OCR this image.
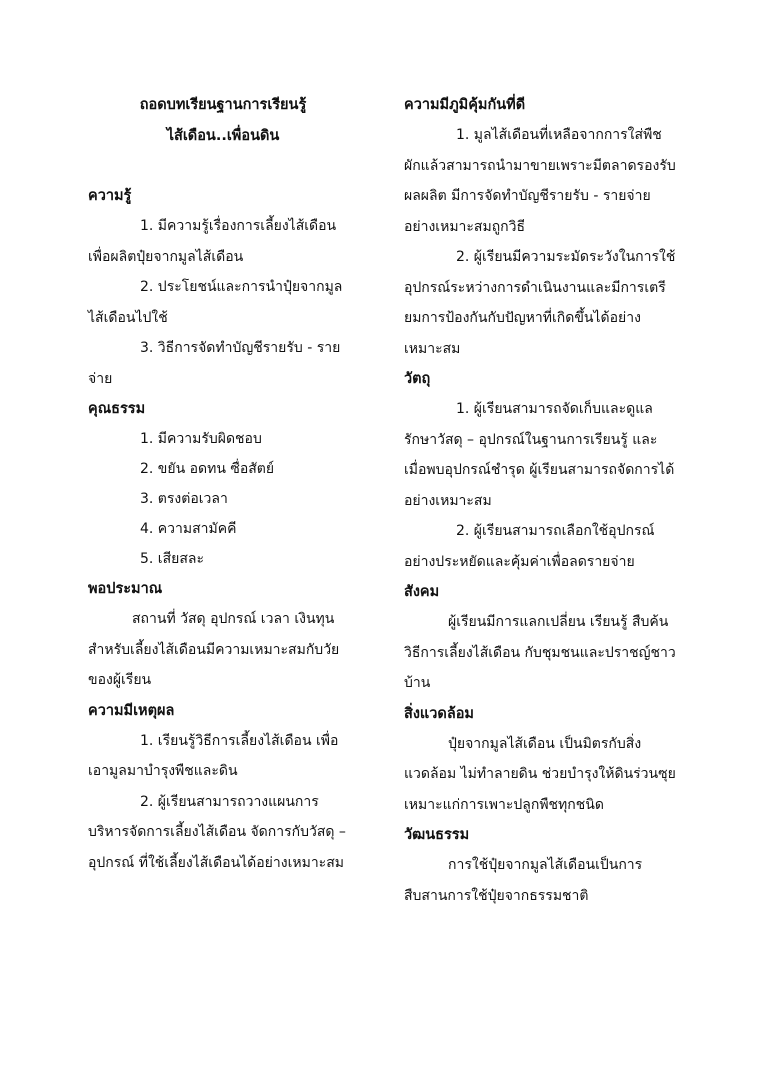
ถอดบทเรียนฐานการเรียนรู้
ไส้เดือน..เพื่อนดิน
ความรู้

1. มีความรู้เรื่องการเลี้ยงไส้เดือน เพื่อผลิตปุ๋ยจากมูลไส้เดือน

2. ประโยชน์และการนำปุ๋ยจากมูล ไส้เดือนไปใช้

3. วิธีการจัดทำบัญชีรายรับ - รายจ่าย

คุณธรรม
1. มีความรับผิดชอบ
2. ขยัน อดทน ซื่อสัตย์
3. ตรงต่อเวลา
4. ความสามัคคี
5. เสียสละ
พอประมาณ

สถานที่ วัสดุ อุปกรณ์ เวลา เงินทุน สำหรับเลี้ยงไส้เดือนมีความเหมาะสมกับวัยของผู้เรียน

ความมีเหตุผล

1. เรียนรู้วิธีการเลี้ยงไส้เดือน เพื่อเอามูลมาบำรุงพืชและดิน

2. ผู้เรียนสามารถวางแผนการบริหารจัดการเลี้ยงไส้เดือน จัดการกับวัสดุ – อุปกรณ์ ที่ใช้เลี้ยงไส้เดือนได้อย่างเหมาะสม

ความมีภูมิคุ้มกันที่ดี

1. มูลไส้เดือนที่เหลือจากการใส่พืชผักแล้วสามารถนำมาขายเพราะมีตลาดรองรับผลผลิต มีการจัดทำบัญชีรายรับ - รายจ่าย อย่างเหมาะสมถูกวิธี

2. ผู้เรียนมีความระมัดระวังในการใช้อุปกรณ์ระหว่างการดำเนินงานและมีการเตรียมการป้องกันกับปัญหาที่เกิดขึ้นได้อย่างเหมาะสม

วัตถุ

1. ผู้เรียนสามารถจัดเก็บและดูแลรักษาวัสดุ – อุปกรณ์ในฐานการเรียนรู้ และเมื่อพบอุปกรณ์ชำรุด ผู้เรียนสามารถจัดการได้อย่างเหมาะสม

2. ผู้เรียนสามารถเลือกใช้อุปกรณ์อย่างประหยัดและคุ้มค่าเพื่อลดรายจ่าย

สังคม

ผู้เรียนมีการแลกเปลี่ยน เรียนรู้ สืบค้น วิธีการเลี้ยงไส้เดือน กับชุมชนและปราชญ์ชาวบ้าน

สิ่งแวดล้อม

ปุ๋ยจากมูลไส้เดือน เป็นมิตรกับสิ่งแวดล้อม ไม่ทำลายดิน ช่วยบำรุงให้ดินร่วนซุย เหมาะแก่การเพาะปลูกพืชทุกชนิด

วัฒนธรรม

การใช้ปุ๋ยจากมูลไส้เดือนเป็นการสืบสานการใช้ปุ๋ยจากธรรมชาติ
